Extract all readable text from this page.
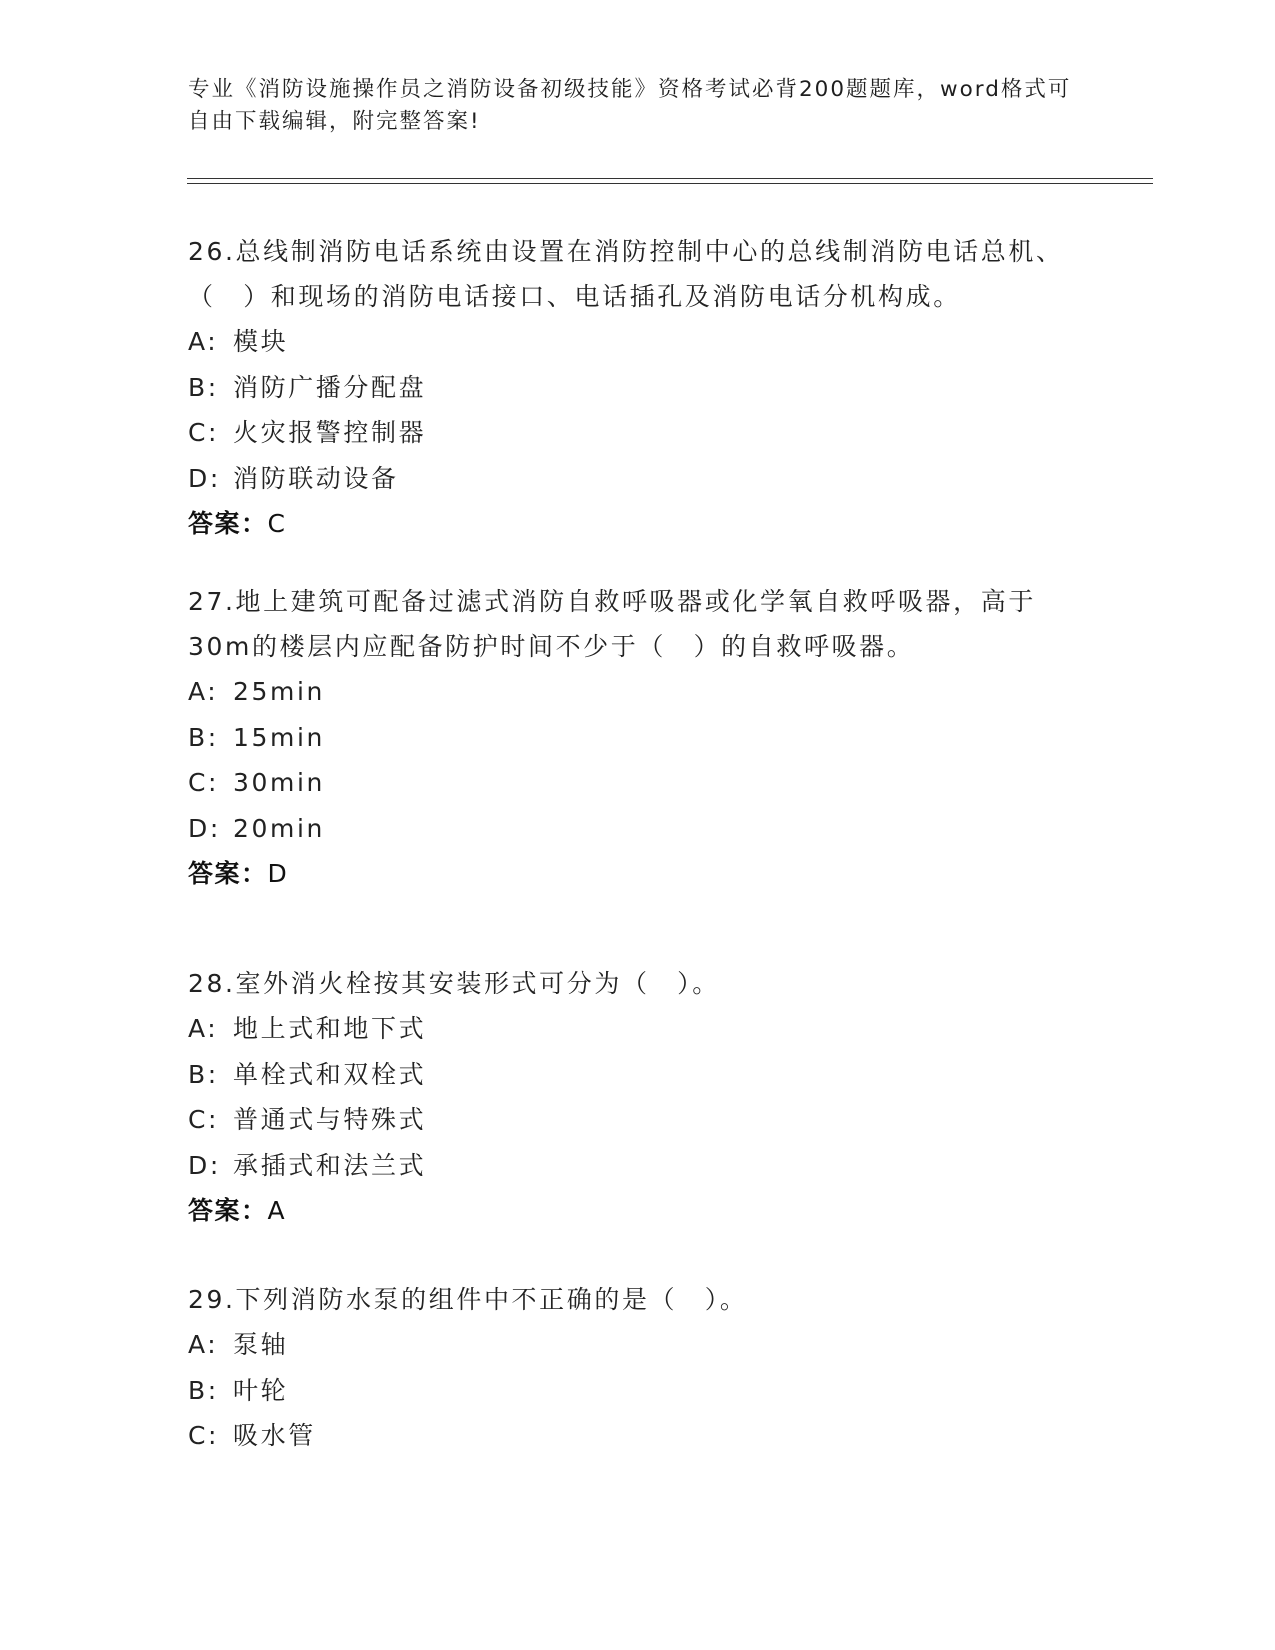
专业《消防设施操作员之消防设备初级技能》资格考试必背200题题库，word格式可自由下载编辑，附完整答案!

26.总线制消防电话系统由设置在消防控制中心的总线制消防电话总机、（　）和现场的消防电话接口、电话插孔及消防电话分机构成。

A: 模块
B: 消防广播分配盘
C: 火灾报警控制器
D: 消防联动设备
答案：C

27.地上建筑可配备过滤式消防自救呼吸器或化学氧自救呼吸器，高于30m的楼层内应配备防护时间不少于（　）的自救呼吸器。

A: 25min
B: 15min
C: 30min
D: 20min
答案：D

28.室外消火栓按其安装形式可分为（　）。

A: 地上式和地下式
B: 单栓式和双栓式
C: 普通式与特殊式
D: 承插式和法兰式
答案：A

29.下列消防水泵的组件中不正确的是（　）。

A: 泵轴
B: 叶轮
C: 吸水管
